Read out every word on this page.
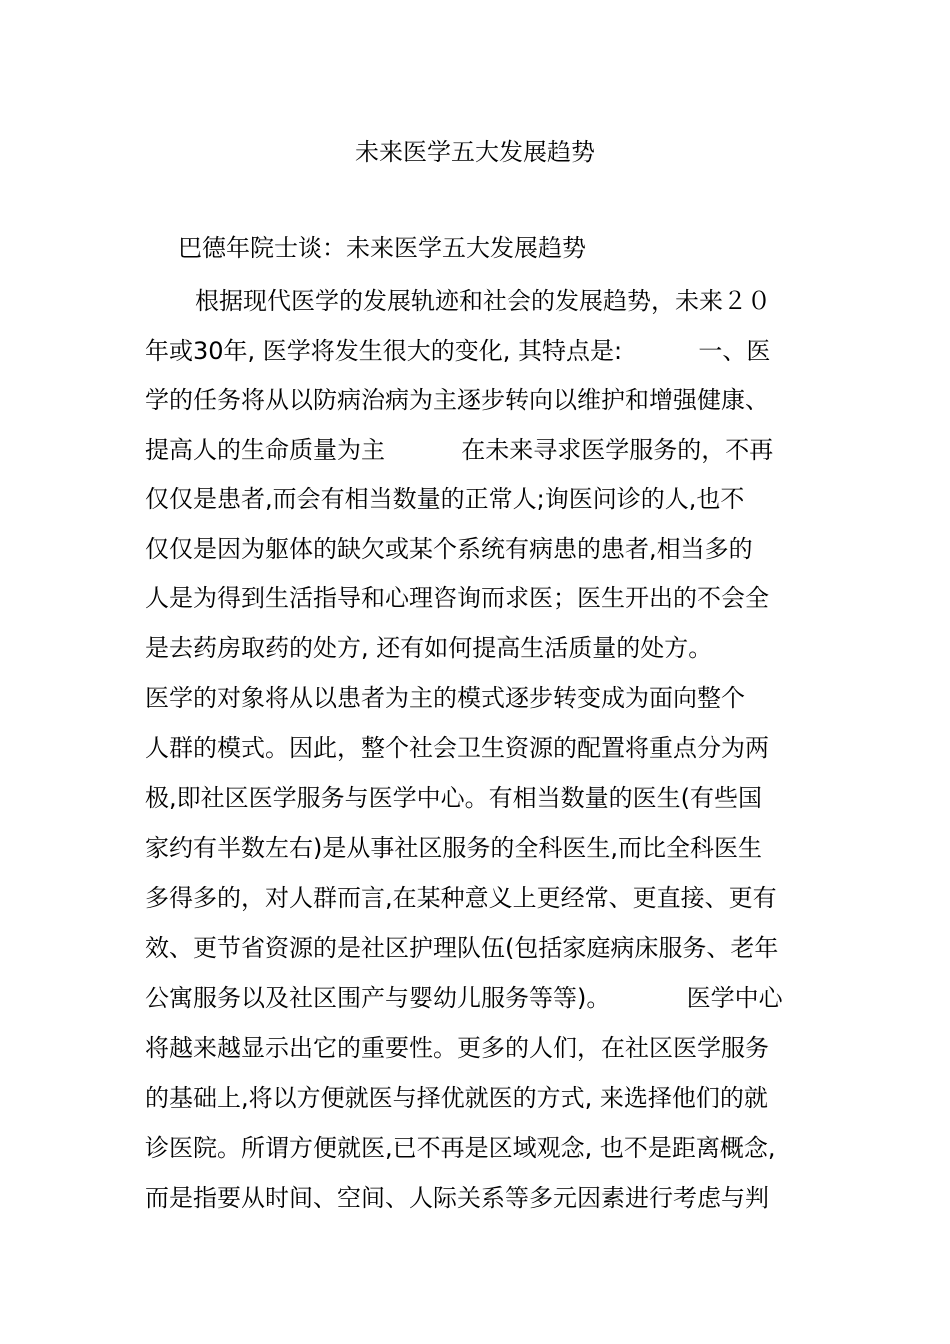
未来医学五大发展趋势
巴德年院士谈：未来医学五大发展趋势
根据现代医学的发展轨迹和社会的发展趋势，未来２０
年或30年, 医学将发生很大的变化, 其特点是:          一、医
学的任务将从以防病治病为主逐步转向以维护和增强健康、
提高人的生命质量为主          在未来寻求医学服务的，不再
仅仅是患者,而会有相当数量的正常人;询医问诊的人,也不
仅仅是因为躯体的缺欠或某个系统有病患的患者,相当多的
人是为得到生活指导和心理咨询而求医；医生开出的不会全
是去药房取药的处方, 还有如何提高生活质量的处方。
医学的对象将从以患者为主的模式逐步转变成为面向整个
人群的模式。因此，整个社会卫生资源的配置将重点分为两
极,即社区医学服务与医学中心。有相当数量的医生(有些国
家约有半数左右)是从事社区服务的全科医生,而比全科医生
多得多的，对人群而言,在某种意义上更经常、更直接、更有
效、更节省资源的是社区护理队伍(包括家庭病床服务、老年
公寓服务以及社区围产与婴幼儿服务等等)。          医学中心
将越来越显示出它的重要性。更多的人们，在社区医学服务
的基础上,将以方便就医与择优就医的方式, 来选择他们的就
诊医院。所谓方便就医,已不再是区域观念, 也不是距离概念,
而是指要从时间、空间、人际关系等多元因素进行考虑与判
